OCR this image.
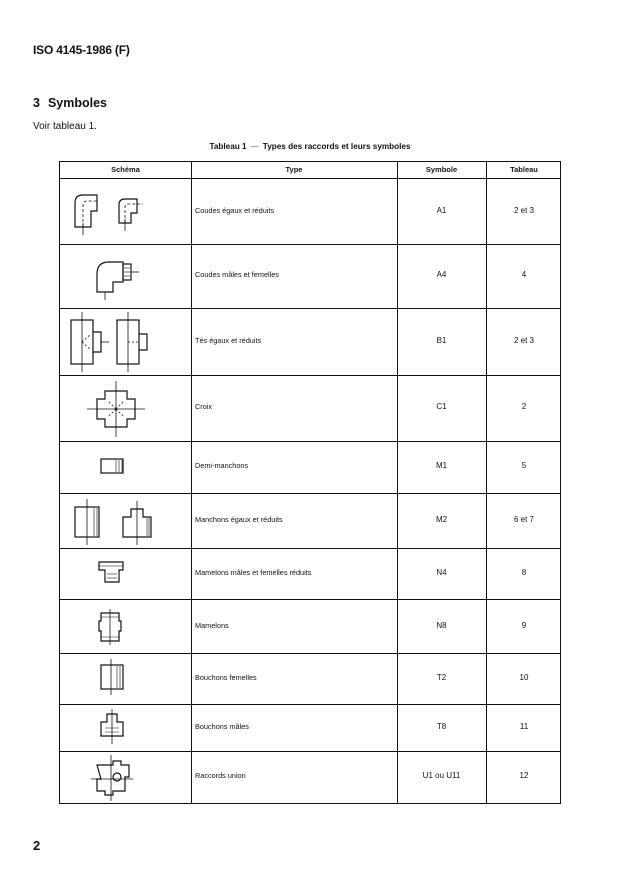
ISO 4145-1986 (F)
3 Symboles
Voir tableau 1.
Tableau 1 — Types des raccords et leurs symboles
Schéma	Type	Symbole	Tableau
Coudes égaux et réduits	A1	2 et 3
Coudes mâles et femelles	A4	4
Tés égaux et réduits	B1	2 et 3
Croix	C1	2
Demi-manchons	M1	5
Manchons égaux et réduits	M2	6 et 7
Mamelons mâles et femelles réduits	N4	8
Mamelons	N8	9
Bouchons femelles	T2	10
Bouchons mâles	T8	11
Raccords union	U1 ou U11	12
2
